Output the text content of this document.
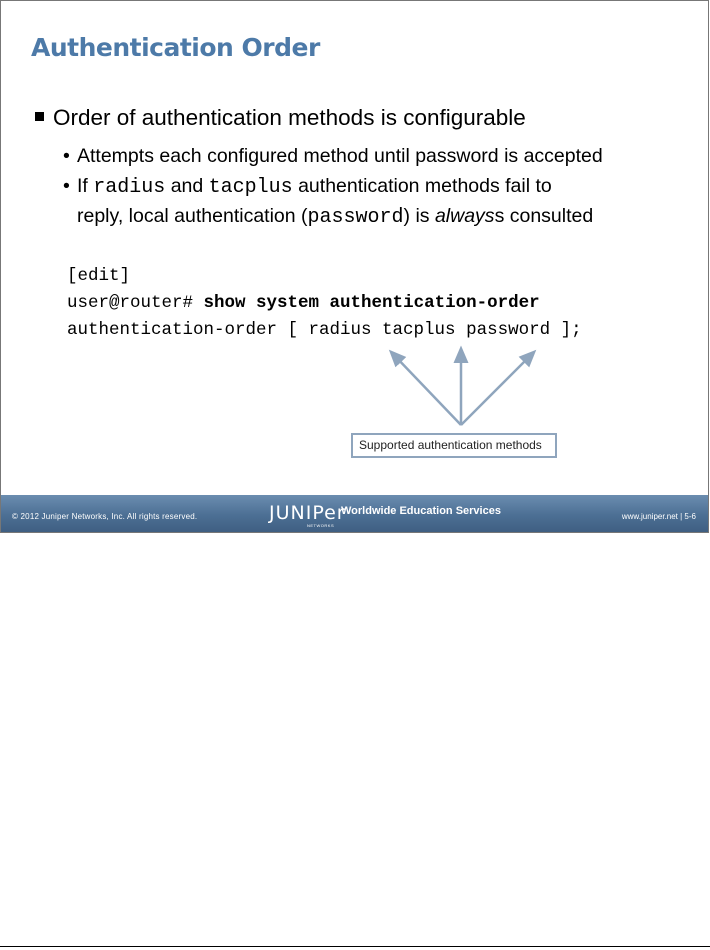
Authentication Order
Order of authentication methods is configurable
• Attempts each configured method until password is accepted
• If radius and tacplus authentication methods fail to
reply, local authentication (password) is alwayss consulted
[edit]
user@router# show system authentication-order
authentication-order [ radius tacplus password ];
Supported authentication methods
© 2012 Juniper Networks, Inc. All rights reserved.	JUNIPer
NETWORKS
Worldwide Education Services	www.juniper.net | 5-6
